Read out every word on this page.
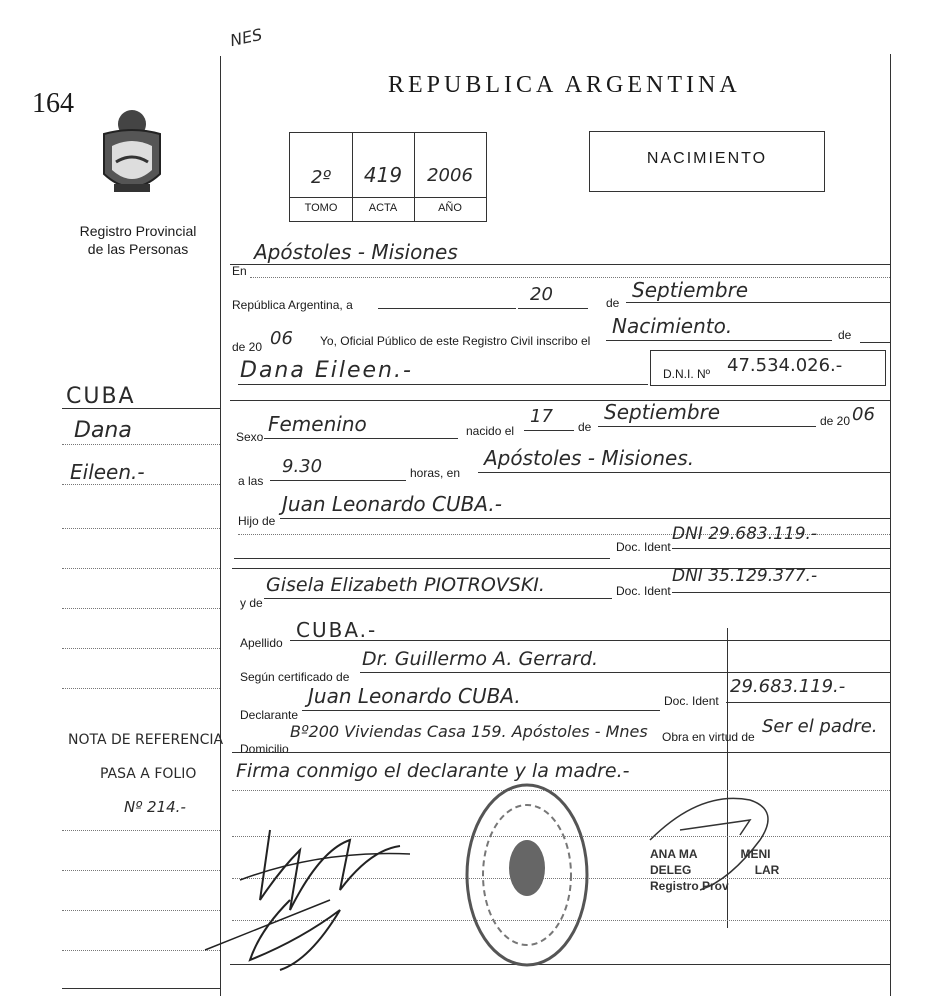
NES
164
Registro Provincial
de las Personas
REPUBLICA ARGENTINA
2º	419	2006
TOMO	ACTA	AÑO
NACIMIENTO
CUBA
Dana
Eileen.-
NOTA DE REFERENCIA
PASA A FOLIO
Nº 214.-
En
Apóstoles - Misiones
República Argentina, a	20	de
Septiembre
de 20 06 Yo, Oficial Público de este Registro Civil inscribo el
Nacimiento.	de
Dana Eileen.-	D.N.I. Nº 47.534.026.-
Sexo
Femenino	nacido el
17 de
Septiembre	de 20 06
a las
9.30	horas, en
Apóstoles - Misiones.
Hijo de
Juan Leonardo CUBA.-
Doc. Ident
DNI 29.683.119.-
y de
Gisela Elizabeth PIOTROVSKI.	Doc. Ident
DNI 35.129.377.-
Apellido
CUBA.-
Según certificado de
Dr. Guillermo A. Gerrard.
Declarante
Juan Leonardo CUBA.	Doc. Ident
29.683.119.-
Domicilio
Bº200 Viviendas Casa 159. Apóstoles - Mnes Obra en virtud de Ser el padre.
Firma conmigo el declarante y la madre.-
ANA MA	MENI
DELEG	LAR
Registro Prov
